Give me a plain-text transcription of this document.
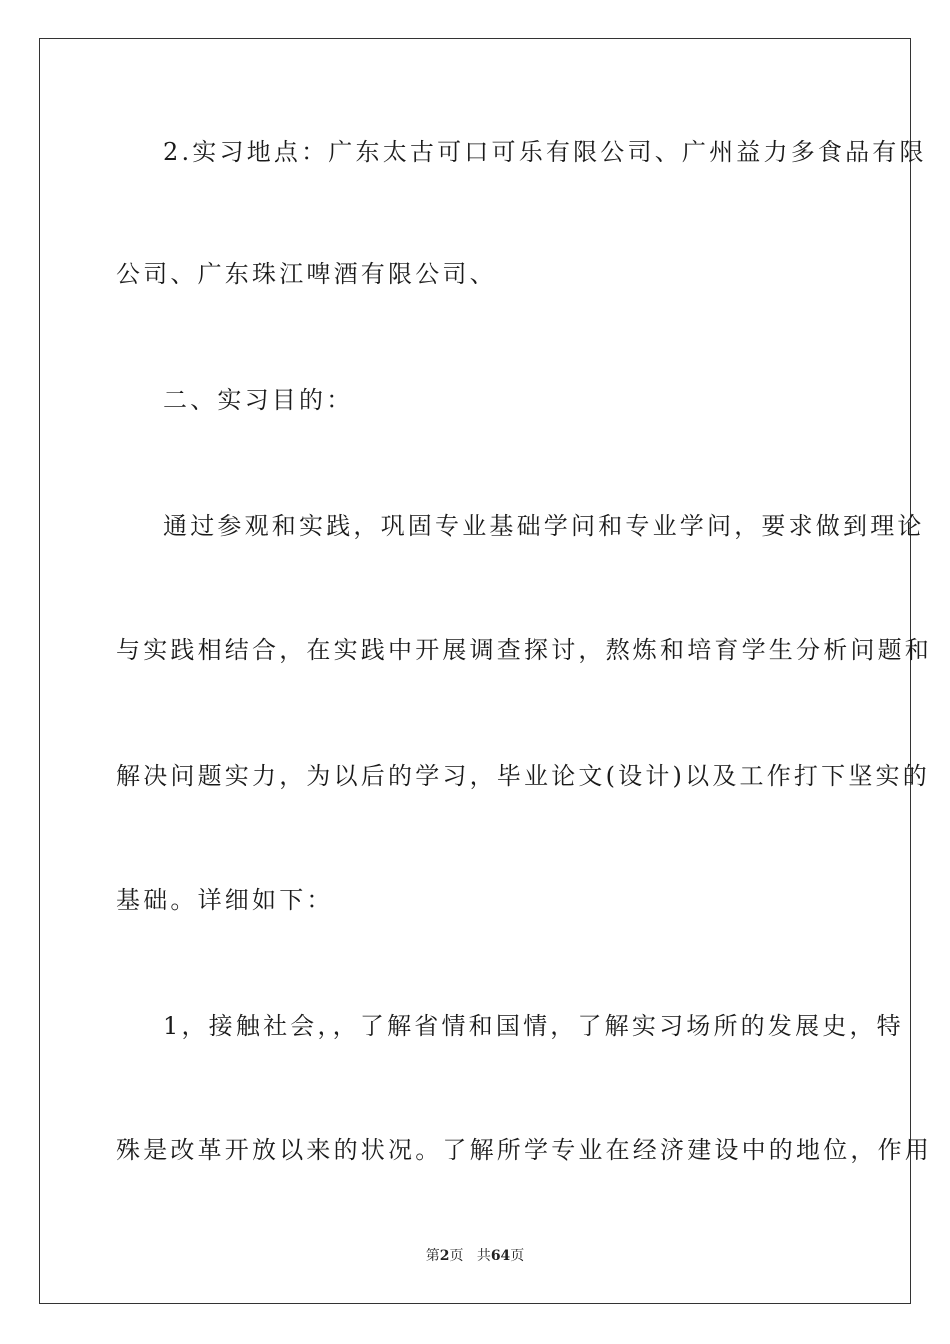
2.实习地点：广东太古可口可乐有限公司、广州益力多食品有限

公司、广东珠江啤酒有限公司、

二、实习目的：

通过参观和实践，巩固专业基础学问和专业学问，要求做到理论

与实践相结合，在实践中开展调查探讨，熬炼和培育学生分析问题和

解决问题实力，为以后的学习，毕业论文(设计)以及工作打下坚实的

基础。详细如下：

1，接触社会，，了解省情和国情，了解实习场所的发展史，特

殊是改革开放以来的状况。了解所学专业在经济建设中的地位，作用

第2页 共64页
